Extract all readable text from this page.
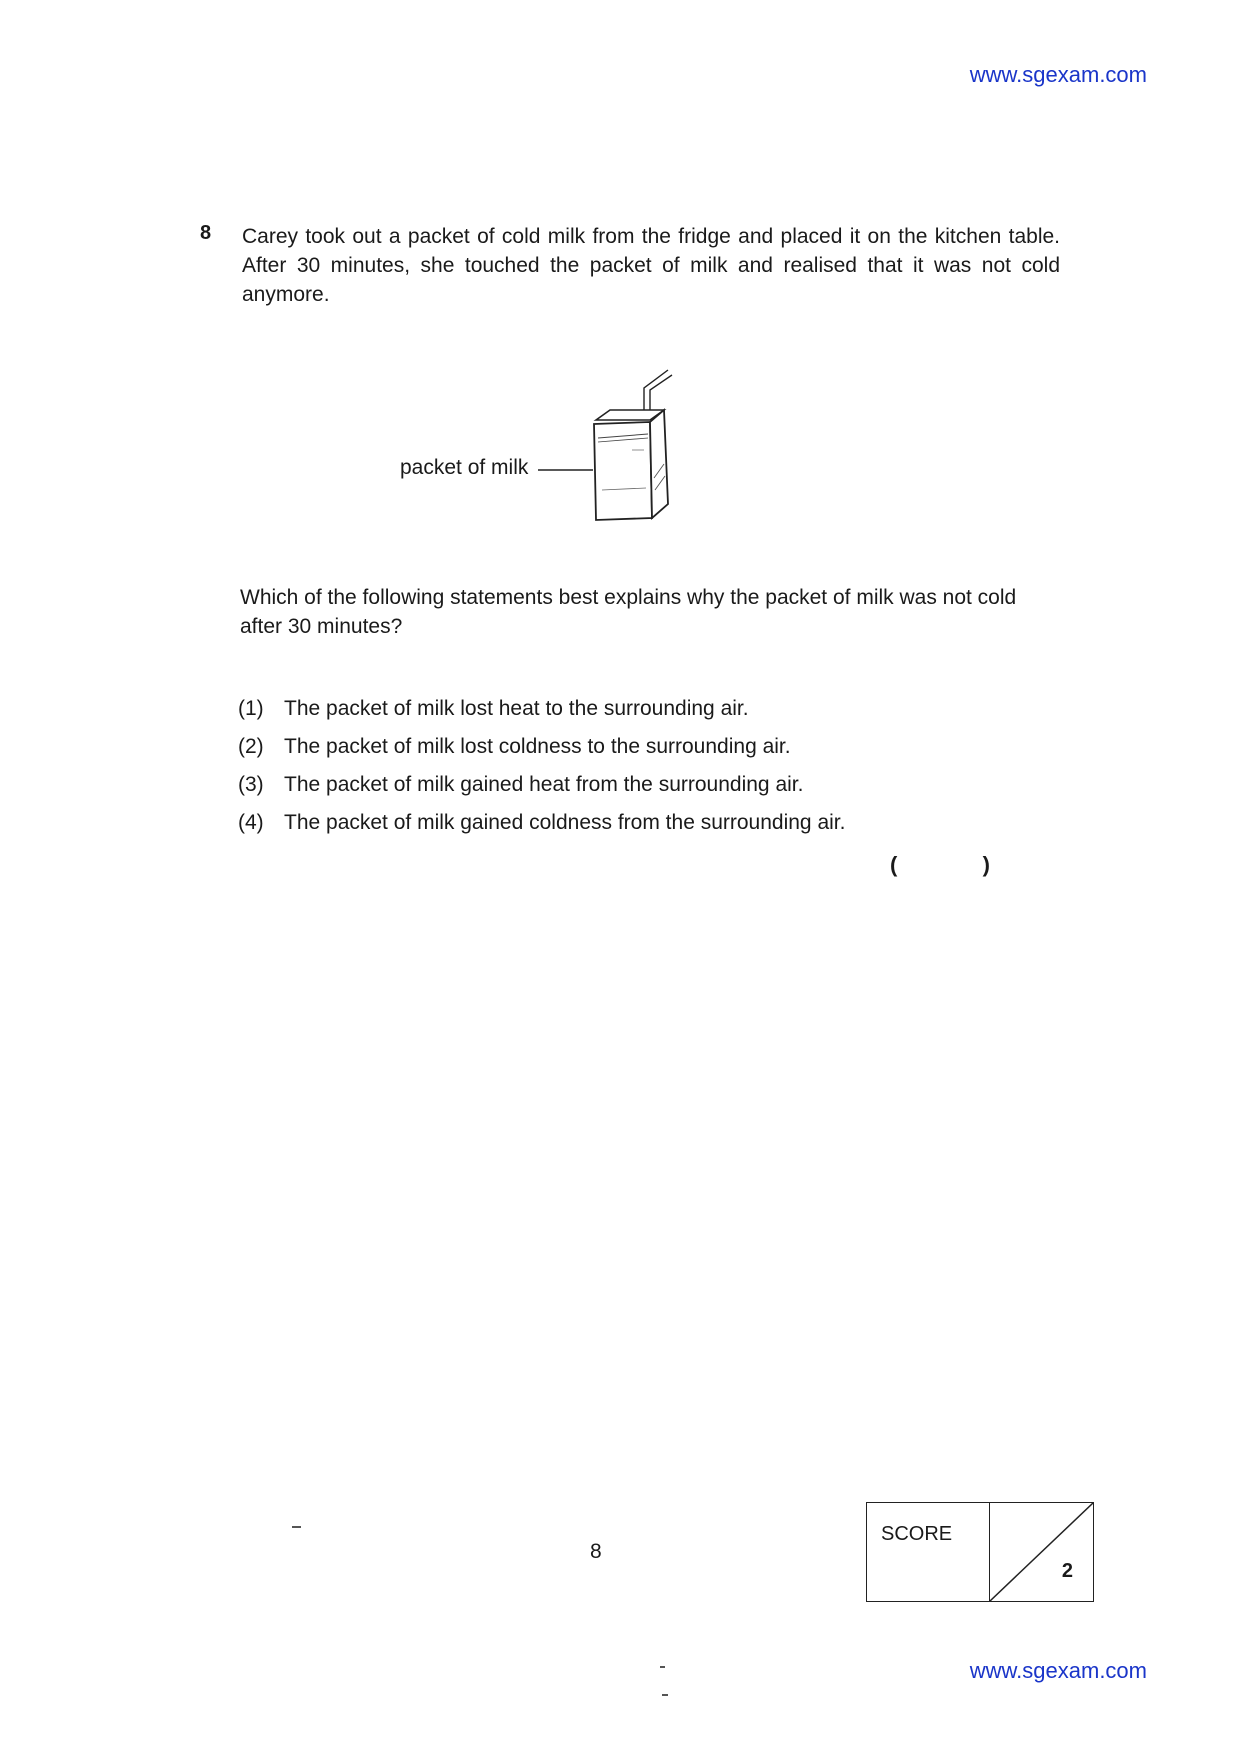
www.sgexam.com
8 Carey took out a packet of cold milk from the fridge and placed it on the kitchen table. After 30 minutes, she touched the packet of milk and realised that it was not cold anymore.
packet of milk
Which of the following statements best explains why the packet of milk was not cold after 30 minutes?
(1) The packet of milk lost heat to the surrounding air.
(2) The packet of milk lost coldness to the surrounding air.
(3) The packet of milk gained heat from the surrounding air.
(4) The packet of milk gained coldness from the surrounding air.
(	)
8
SCORE
2
www.sgexam.com
